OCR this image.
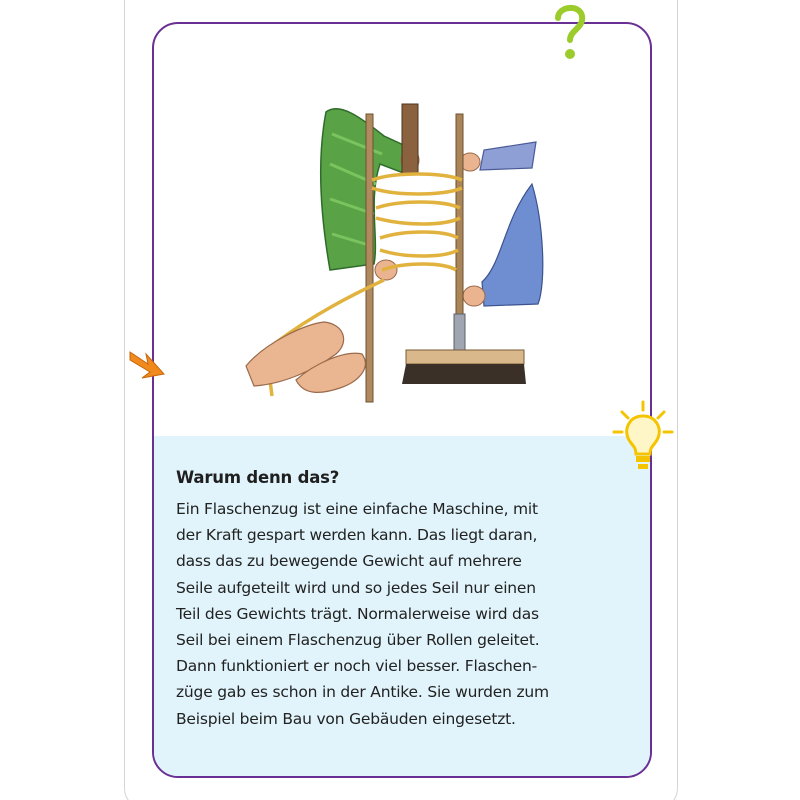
Warum denn das?

Ein Flaschenzug ist eine einfache Maschine, mit
der Kraft gespart werden kann. Das liegt daran,
dass das zu bewegende Gewicht auf mehrere
Seile aufgeteilt wird und so jedes Seil nur einen
Teil des Gewichts trägt. Normalerweise wird das
Seil bei einem Flaschenzug über Rollen geleitet.
Dann funktioniert er noch viel besser. Flaschen-
züge gab es schon in der Antike. Sie wurden zum
Beispiel beim Bau von Gebäuden eingesetzt.
